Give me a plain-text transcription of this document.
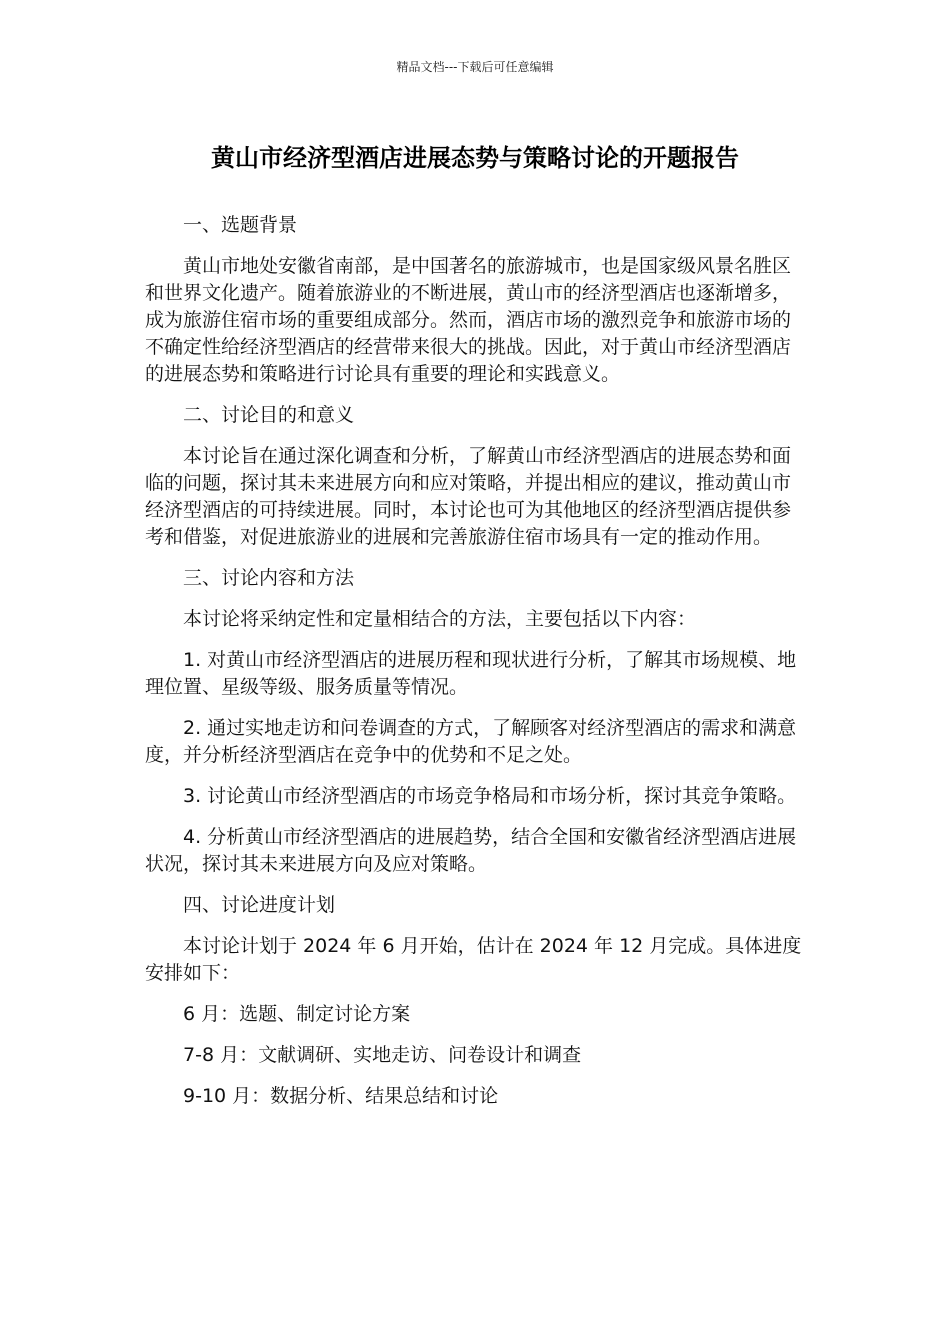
精品文档---下载后可任意编辑
黄山市经济型酒店进展态势与策略讨论的开题报告

一、选题背景

黄山市地处安徽省南部，是中国著名的旅游城市，也是国家级风景名胜区和世界文化遗产。随着旅游业的不断进展，黄山市的经济型酒店也逐渐增多，成为旅游住宿市场的重要组成部分。然而，酒店市场的激烈竞争和旅游市场的不确定性给经济型酒店的经营带来很大的挑战。因此，对于黄山市经济型酒店的进展态势和策略进行讨论具有重要的理论和实践意义。

二、讨论目的和意义

本讨论旨在通过深化调查和分析，了解黄山市经济型酒店的进展态势和面临的问题，探讨其未来进展方向和应对策略，并提出相应的建议，推动黄山市经济型酒店的可持续进展。同时，本讨论也可为其他地区的经济型酒店提供参考和借鉴，对促进旅游业的进展和完善旅游住宿市场具有一定的推动作用。

三、讨论内容和方法

本讨论将采纳定性和定量相结合的方法，主要包括以下内容：

1. 对黄山市经济型酒店的进展历程和现状进行分析，了解其市场规模、地理位置、星级等级、服务质量等情况。

2. 通过实地走访和问卷调查的方式，了解顾客对经济型酒店的需求和满意度，并分析经济型酒店在竞争中的优势和不足之处。

3. 讨论黄山市经济型酒店的市场竞争格局和市场分析，探讨其竞争策略。

4. 分析黄山市经济型酒店的进展趋势，结合全国和安徽省经济型酒店进展状况，探讨其未来进展方向及应对策略。

四、讨论进度计划

本讨论计划于 2024 年 6 月开始，估计在 2024 年 12 月完成。具体进度安排如下：

6 月：选题、制定讨论方案

7-8 月：文献调研、实地走访、问卷设计和调查

9-10 月：数据分析、结果总结和讨论
